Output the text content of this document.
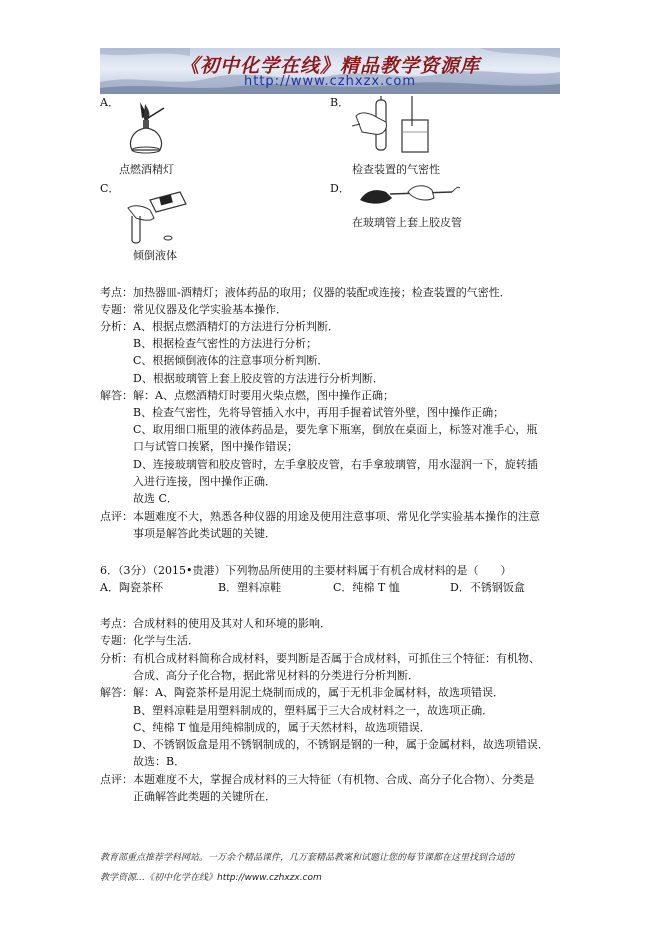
《初中化学在线》精品教学资源库
http://www.czhxzx.com
A．
点燃酒精灯
B．
检查装置的气密性
C．
倾倒液体
D．
在玻璃管上套上胶皮管
考点：加热器皿-酒精灯；液体药品的取用；仪器的装配或连接；检查装置的气密性．
专题：常见仪器及化学实验基本操作．
分析：A、根据点燃酒精灯的方法进行分析判断．
B、根据检查气密性的方法进行分析；
C、根据倾倒液体的注意事项分析判断．
D、根据玻璃管上套上胶皮管的方法进行分析判断．
解答：解：A、点燃酒精灯时要用火柴点燃，图中操作正确；
B、检查气密性，先将导管插入水中，再用手握着试管外壁，图中操作正确；
C、取用细口瓶里的液体药品是，要先拿下瓶塞，倒放在桌面上，标签对准手心，瓶
口与试管口挨紧，图中操作错误；
D、连接玻璃管和胶皮管时，左手拿胶皮管，右手拿玻璃管，用水湿润一下，旋转插
入进行连接，图中操作正确．
故选 C．
点评：本题难度不大，熟悉各种仪器的用途及使用注意事项、常见化学实验基本操作的注意
事项是解答此类试题的关键．
6．（3分）（2015•贵港）下列物品所使用的主要材料属于有机合成材料的是（　　）
A．陶瓷茶杯	B．塑料凉鞋	C．纯棉 T 恤	D．不锈钢饭盒
考点：合成材料的使用及其对人和环境的影响．
专题：化学与生活．
分析：有机合成材料简称合成材料，要判断是否属于合成材料，可抓住三个特征：有机物、
合成、高分子化合物，据此常见材料的分类进行分析判断．
解答：解：A、陶瓷茶杯是用泥土烧制而成的，属于无机非金属材料，故选项错误．
B、塑料凉鞋是用塑料制成的，塑料属于三大合成材料之一，故选项正确．
C、纯棉 T 恤是用纯棉制成的，属于天然材料，故选项错误．
D、不锈钢饭盒是用不锈钢制成的，不锈钢是钢的一种，属于金属材料，故选项错误．
故选：B．
点评：本题难度不大，掌握合成材料的三大特征（有机物、合成、高分子化合物）、分类是
正确解答此类题的关键所在．
教育部重点推荐学科网站。一万余个精品课件，几万套精品教案和试题让您的每节课都在这里找到合适的
教学资源…《初中化学在线》http://www.czhxzx.com
